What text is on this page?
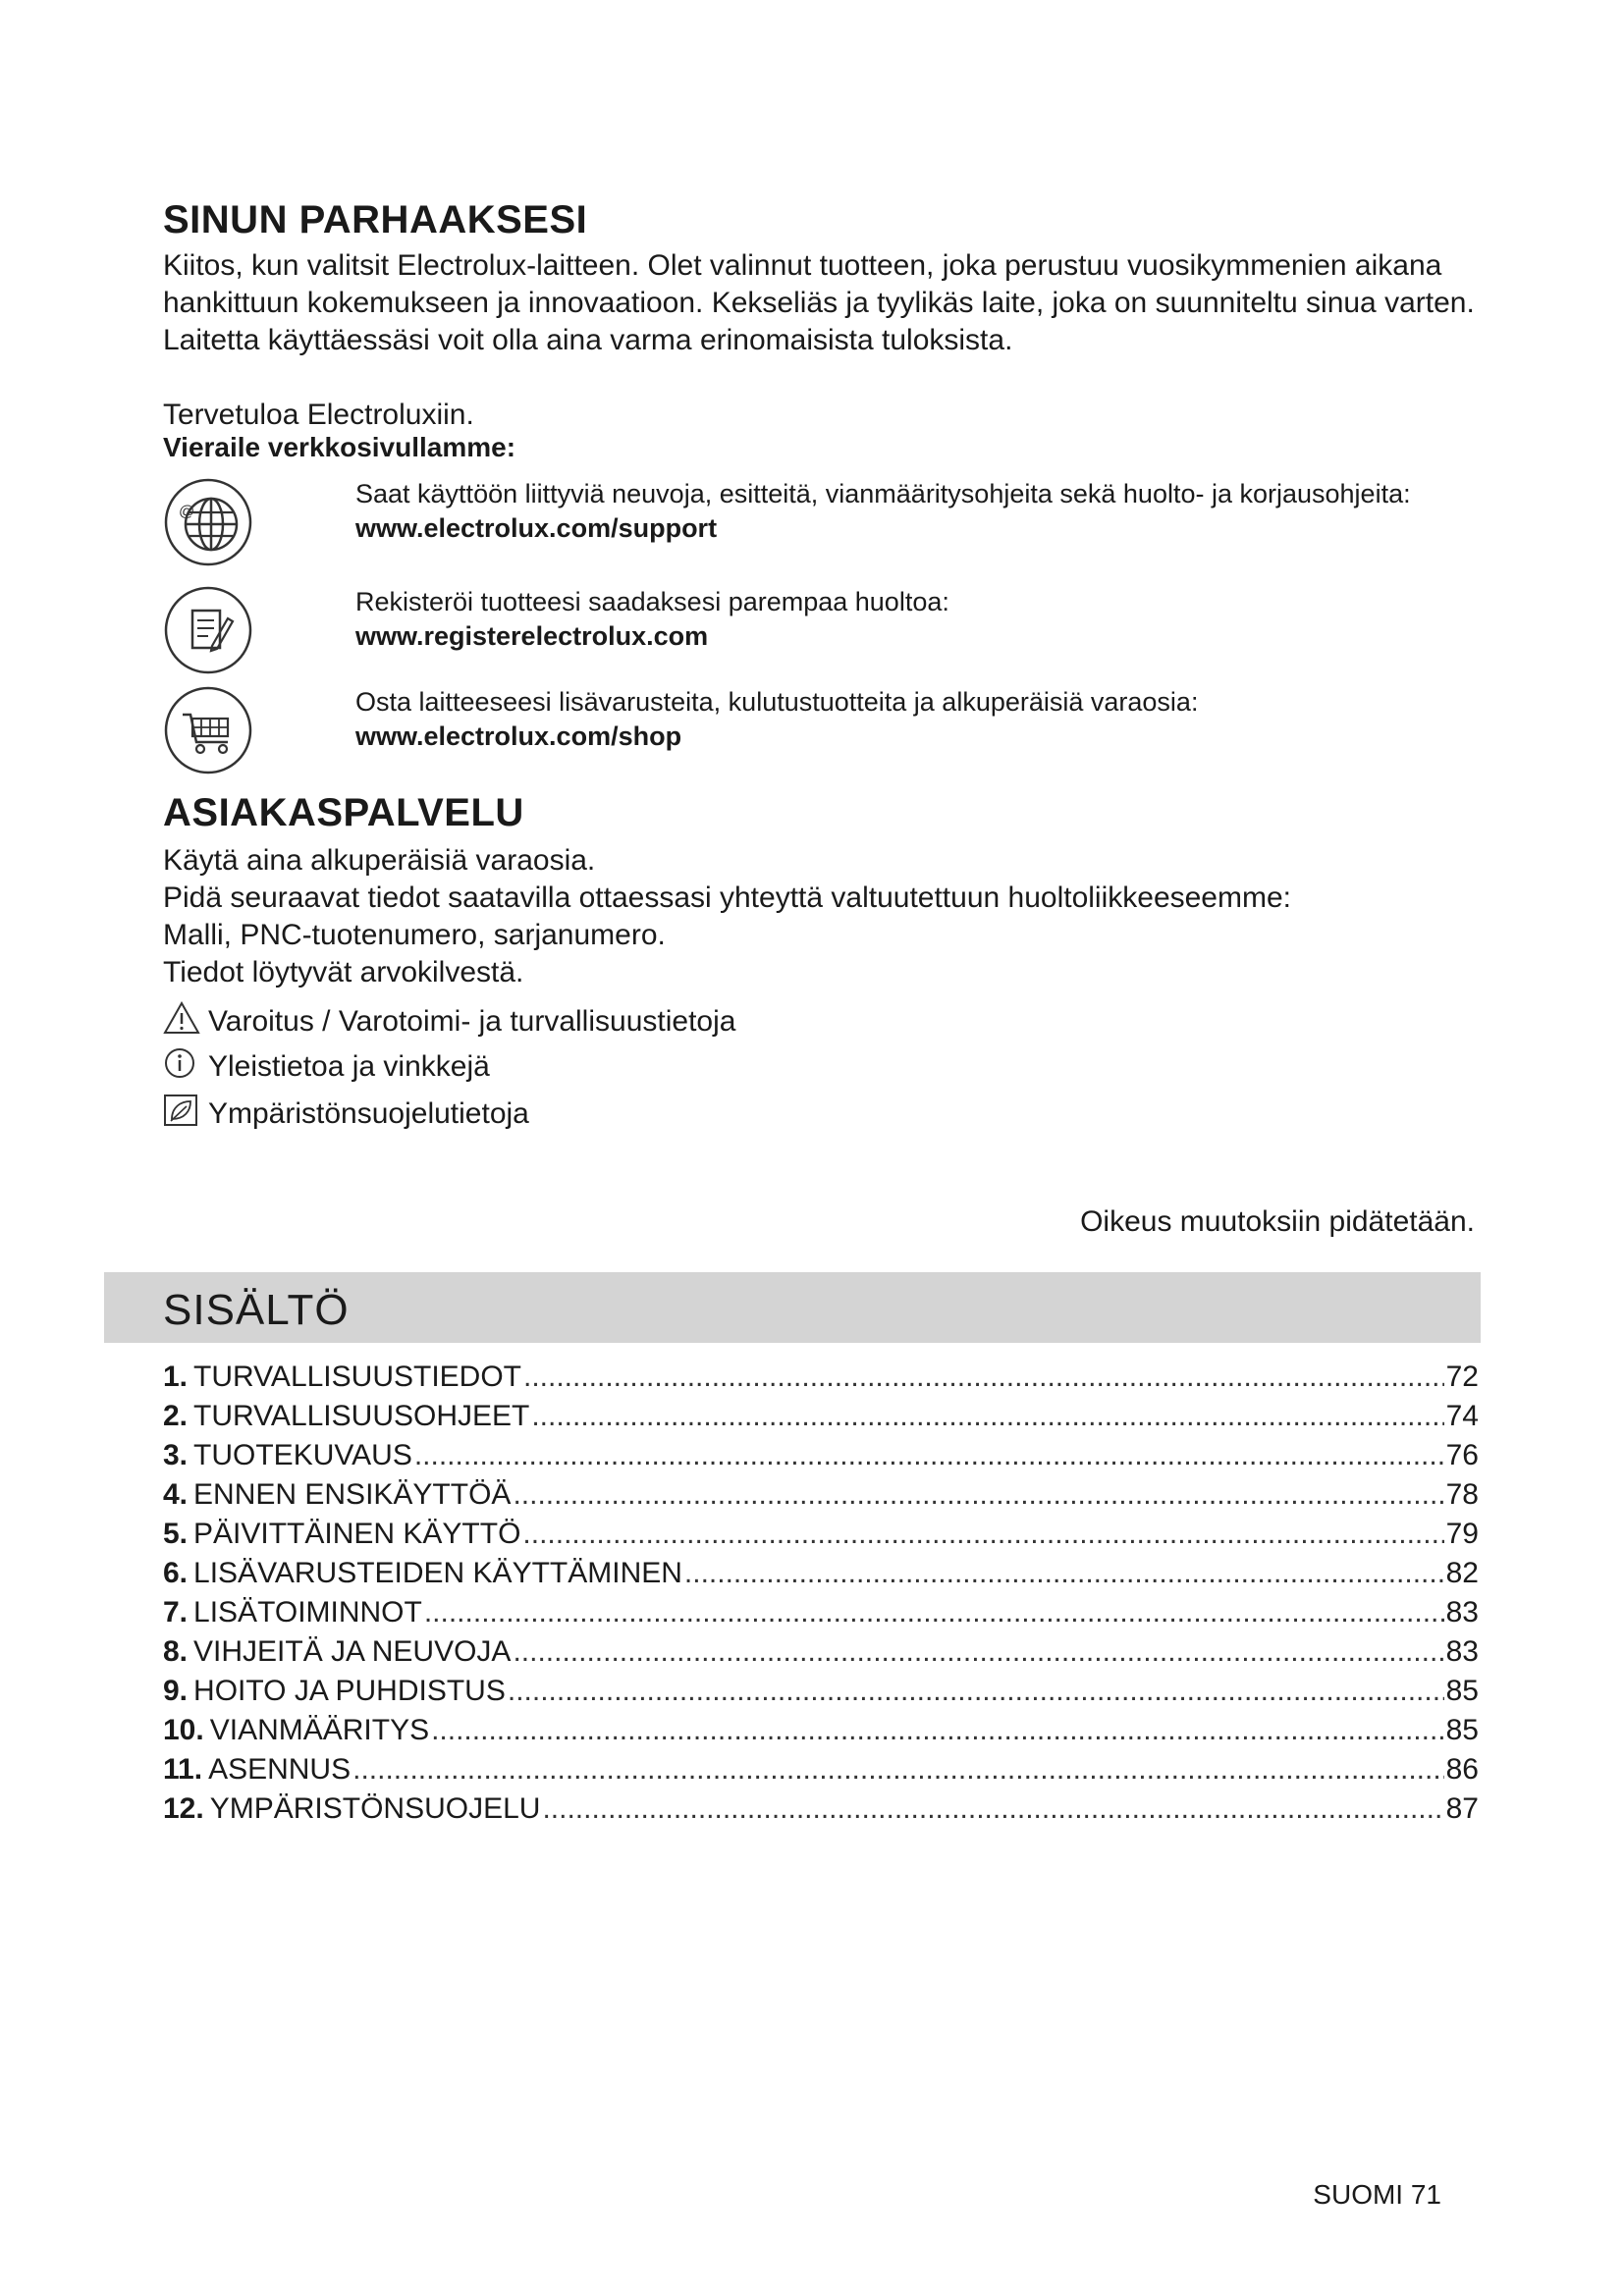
SINUN PARHAAKSESI

Kiitos, kun valitsit Electrolux-laitteen. Olet valinnut tuotteen, joka perustuu vuosikymmenien aikana hankittuun kokemukseen ja innovaatioon. Kekseliäs ja tyylikäs laite, joka on suunniteltu sinua varten. Laitetta käyttäessäsi voit olla aina varma erinomaisista tuloksista.

Tervetuloa Electroluxiin.

Vieraile verkkosivullamme:

@
Saat käyttöön liittyviä neuvoja, esitteitä, vianmääritysohjeita sekä huolto- ja korjausohjeita:
www.electrolux.com/support
Rekisteröi tuotteesi saadaksesi parempaa huoltoa:
www.registerelectrolux.com
Osta laitteeseesi lisävarusteita, kulutustuotteita ja alkuperäisiä varaosia:
www.electrolux.com/shop
ASIAKASPALVELU

Käytä aina alkuperäisiä varaosia.

Pidä seuraavat tiedot saatavilla ottaessasi yhteyttä valtuutettuun huoltoliikkeeseemme:

Malli, PNC-tuotenumero, sarjanumero.

Tiedot löytyvät arvokilvestä.

Varoitus / Varotoimi- ja turvallisuustietoja
Yleistietoa ja vinkkejä
Ympäristönsuojelutietoja
Oikeus muutoksiin pidätetään.
SISÄLTÖ
1. TURVALLISUUSTIEDOT .....	72
2. TURVALLISUUSOHJEET .....	74
3. TUOTEKUVAUS .....	76
4. ENNEN ENSIKÄYTTÖÄ .....	78
5. PÄIVITTÄINEN KÄYTTÖ .....	79
6. LISÄVARUSTEIDEN KÄYTTÄMINEN .....	82
7. LISÄTOIMINNOT .....	83
8. VIHJEITÄ JA NEUVOJA .....	83
9. HOITO JA PUHDISTUS .....	85
10. VIANMÄÄRITYS .....	85
11. ASENNUS .....	86
12. YMPÄRISTÖNSUOJELU .....	87
SUOMI 71
